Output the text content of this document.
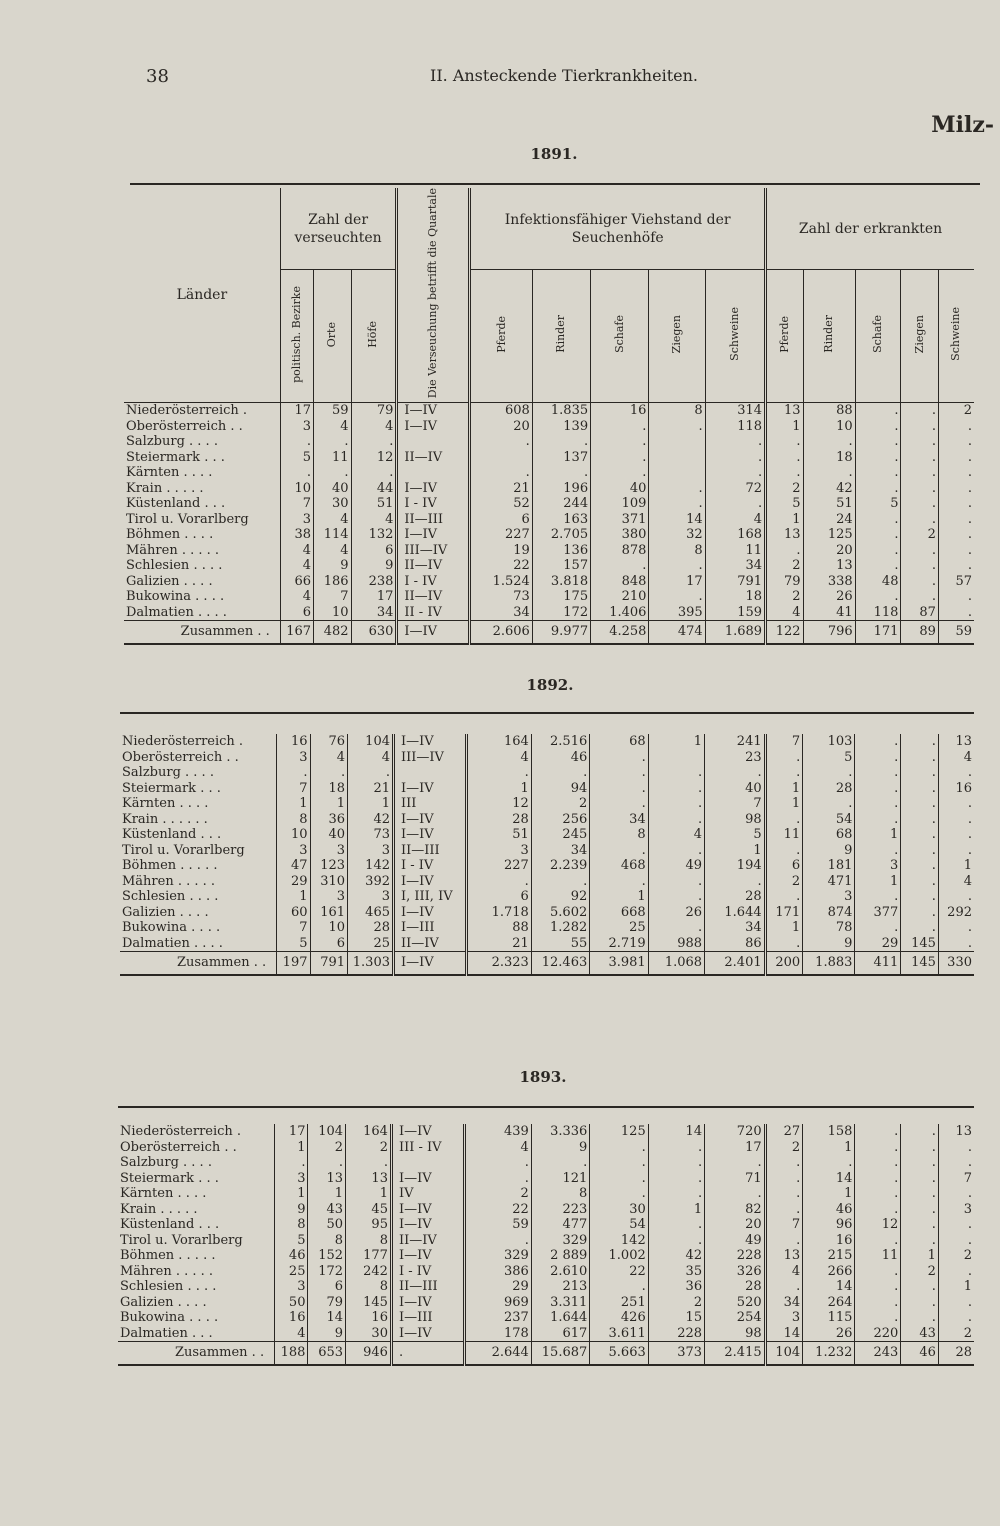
38	II. Ansteckende Tierkrankheiten.
Milz-
1891.
Länder	Zahl der verseuchten			Die Verseuchung betrifft die Quartale	Infektionsfähiger Viehstand der Seuchenhöfe					Zahl der erkrankten				
	politisch. Bezirke	Orte	Höfe		Pferde	Rinder	Schafe	Ziegen	Schweine	Pferde	Rinder	Schafe	Ziegen	Schweine
Niederösterreich .	17	59	79	I—IV	608	1.835	16	8	314	13	88	.	.	2
Oberösterreich . .	3	4	4	I—IV	20	139	.	.	118	1	10	.	.	.
Salzburg . . . .	.	.	.		.	.	.		.	.	.	.	.	.
Steiermark . . .	5	11	12	II—IV		137	.		.	.	18	.	.	.
Kärnten . . . .	.	.	.		.	.	.		.	.	.	.	.	.
Krain . . . . .	10	40	44	I—IV	21	196	40	.	72	2	42	.	.	.
Küstenland . . .	7	30	51	I - IV	52	244	109	.	.	5	51	5	.	.
Tirol u. Vorarlberg	3	4	4	II—III	6	163	371	14	4	1	24	.	.	.
Böhmen . . . .	38	114	132	I—IV	227	2.705	380	32	168	13	125	.	2	.
Mähren . . . . .	4	4	6	III—IV	19	136	878	8	11	.	20	.	.	.
Schlesien . . . .	4	9	9	II—IV	22	157	.	.	34	2	13	.	.	.
Galizien . . . .	66	186	238	I - IV	1.524	3.818	848	17	791	79	338	48	.	57
Bukowina . . . .	4	7	17	II—IV	73	175	210	.	18	2	26	.	.	.
Dalmatien . . . .	6	10	34	II - IV	34	172	1.406	395	159	4	41	118	87	.
Zusammen . .	167	482	630	I—IV	2.606	9.977	4.258	474	1.689	122	796	171	89	59
1892.
Niederösterreich .	16	76	104	I—IV	164	2.516	68	1	241	7	103	.	.	13
Oberösterreich . .	3	4	4	III—IV	4	46	.		23	.	5	.	.	4
Salzburg . . . .	.	.	.		.	.	.	.	.	.	.	.	.	.
Steiermark . . .	7	18	21	I—IV	1	94	.	.	40	1	28	.	.	16
Kärnten . . . .	1	1	1	III	12	2	.	.	7	1	.	.	.	.
Krain . . . . . .	8	36	42	I—IV	28	256	34	.	98	.	54	.	.	.
Küstenland . . .	10	40	73	I—IV	51	245	8	4	5	11	68	1	.	.
Tirol u. Vorarlberg	3	3	3	II—III	3	34	.	.	1	.	9	.	.	.
Böhmen . . . . .	47	123	142	I - IV	227	2.239	468	49	194	6	181	3	.	1
Mähren . . . . .	29	310	392	I—IV	.	.	.	.	.	2	471	1	.	4
Schlesien . . . .	1	3	3	I, III, IV	6	92	1	.	28	.	3	.	.	.
Galizien . . . .	60	161	465	I—IV	1.718	5.602	668	26	1.644	171	874	377	.	292
Bukowina . . . .	7	10	28	I—III	88	1.282	25	.	34	1	78	.	.	.
Dalmatien . . . .	5	6	25	II—IV	21	55	2.719	988	86	.	9	29	145	.
Zusammen . .	197	791	1.303	I—IV	2.323	12.463	3.981	1.068	2.401	200	1.883	411	145	330
1893.
Niederösterreich .	17	104	164	I—IV	439	3.336	125	14	720	27	158	.	.	13
Oberösterreich . .	1	2	2	III - IV	4	9	.	.	17	2	1	.	.	.
Salzburg . . . .	.	.	.		.	.	.	.	.	.	.	.	.	.
Steiermark . . .	3	13	13	I—IV	.	121	.	.	71	.	14	.	.	7
Kärnten . . . .	1	1	1	IV	2	8	.	.	.	.	1	.	.	.
Krain . . . . .	9	43	45	I—IV	22	223	30	1	82	.	46	.	.	3
Küstenland . . .	8	50	95	I—IV	59	477	54	.	20	7	96	12	.	.
Tirol u. Vorarlberg	5	8	8	II—IV	.	329	142	.	49	.	16	.	.	.
Böhmen . . . . .	46	152	177	I—IV	329	2 889	1.002	42	228	13	215	11	1	2
Mähren . . . . .	25	172	242	I - IV	386	2.610	22	35	326	4	266	.	2	.
Schlesien . . . .	3	6	8	II—III	29	213	.	36	28	.	14	.	.	1
Galizien . . . .	50	79	145	I—IV	969	3.311	251	2	520	34	264	.	.	.
Bukowina . . . .	16	14	16	I—III	237	1.644	426	15	254	3	115	.	.	.
Dalmatien . . .	4	9	30	I—IV	178	617	3.611	228	98	14	26	220	43	2
Zusammen . .	188	653	946	.	2.644	15.687	5.663	373	2.415	104	1.232	243	46	28
